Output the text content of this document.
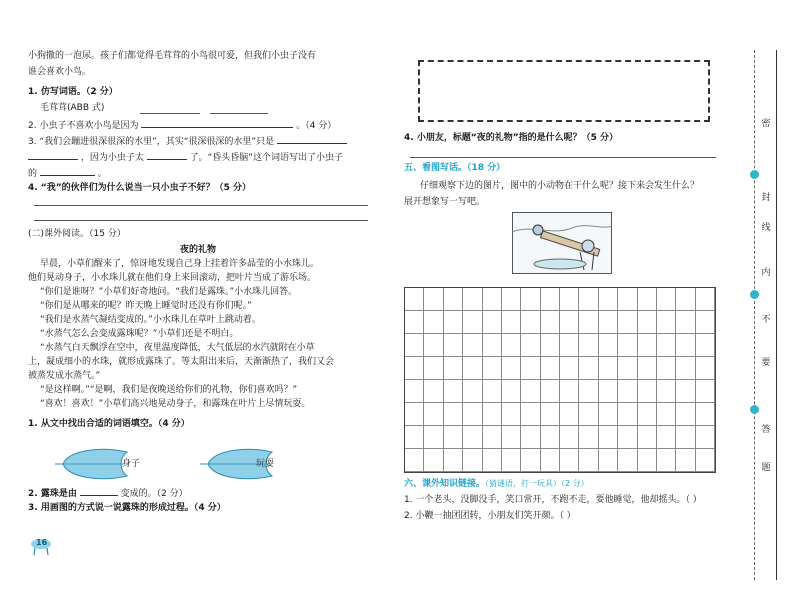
小狗撒的一泡尿。孩子们都觉得毛茸茸的小鸟很可爱，但我们小虫子没有
谁会喜欢小鸟。
1. 仿写词语。（2 分）
毛茸茸(ABB 式)
2. 小虫子不喜欢小鸟是因为	。（4 分）
3. “我们会蹦进很深很深的水里”，其实“很深很深的水里”只是
，因为小虫子太	了。“昏头昏脑”这个词语写出了小虫子
的	。
4. “我”的伙伴们为什么说当一只小虫子不好？（5 分）
(二)课外阅读。（15 分）
夜的礼物
早晨，小草们醒来了，惊讶地发现自己身上挂着许多晶莹的小水珠儿。
他们晃动身子，小水珠儿就在他们身上来回滚动，把叶片当成了游乐场。
“你们是谁呀？”小草们好奇地问。“我们是露珠。”小水珠儿回答。
“你们是从哪来的呢？昨天晚上睡觉时还没有你们呢。”
“我们是水蒸气凝结变成的。”小水珠儿在草叶上跳动着。
“水蒸气怎么会变成露珠呢？”小草们还是不明白。
“水蒸气白天飘浮在空中，夜里温度降低，大气低层的水汽就附在小草
上，凝成细小的水珠，就形成露珠了。等太阳出来后，天渐渐热了，我们又会
被蒸发成水蒸气。”
“是这样啊。”“是啊，我们是夜晚送给你们的礼物，你们喜欢吗？”
“喜欢！喜欢！”小草们高兴地晃动身子，和露珠在叶片上尽情玩耍。
1. 从文中找出合适的词语填空。（4 分）
身子	玩耍
2. 露珠是由	变成的。（2 分）
3. 用画图的方式说一说露珠的形成过程。（4 分）
16
4. 小朋友，标题“夜的礼物”指的是什么呢？（5 分）
五、看图写话。（18 分）
仔细观察下边的图片，图中的小动物在干什么呢？接下来会发生什么？
展开想象写一写吧。
六、课外知识链接。（猜谜语，打一玩具）（2 分）
1. 一个老头，没脚没手，笑口常开，不跑不走，要他睡觉，他却摇头。（ ）
2. 小鞭一抽团团转，小朋友们笑开颜。（ ）
密
封
线
内
不
要
答
题
